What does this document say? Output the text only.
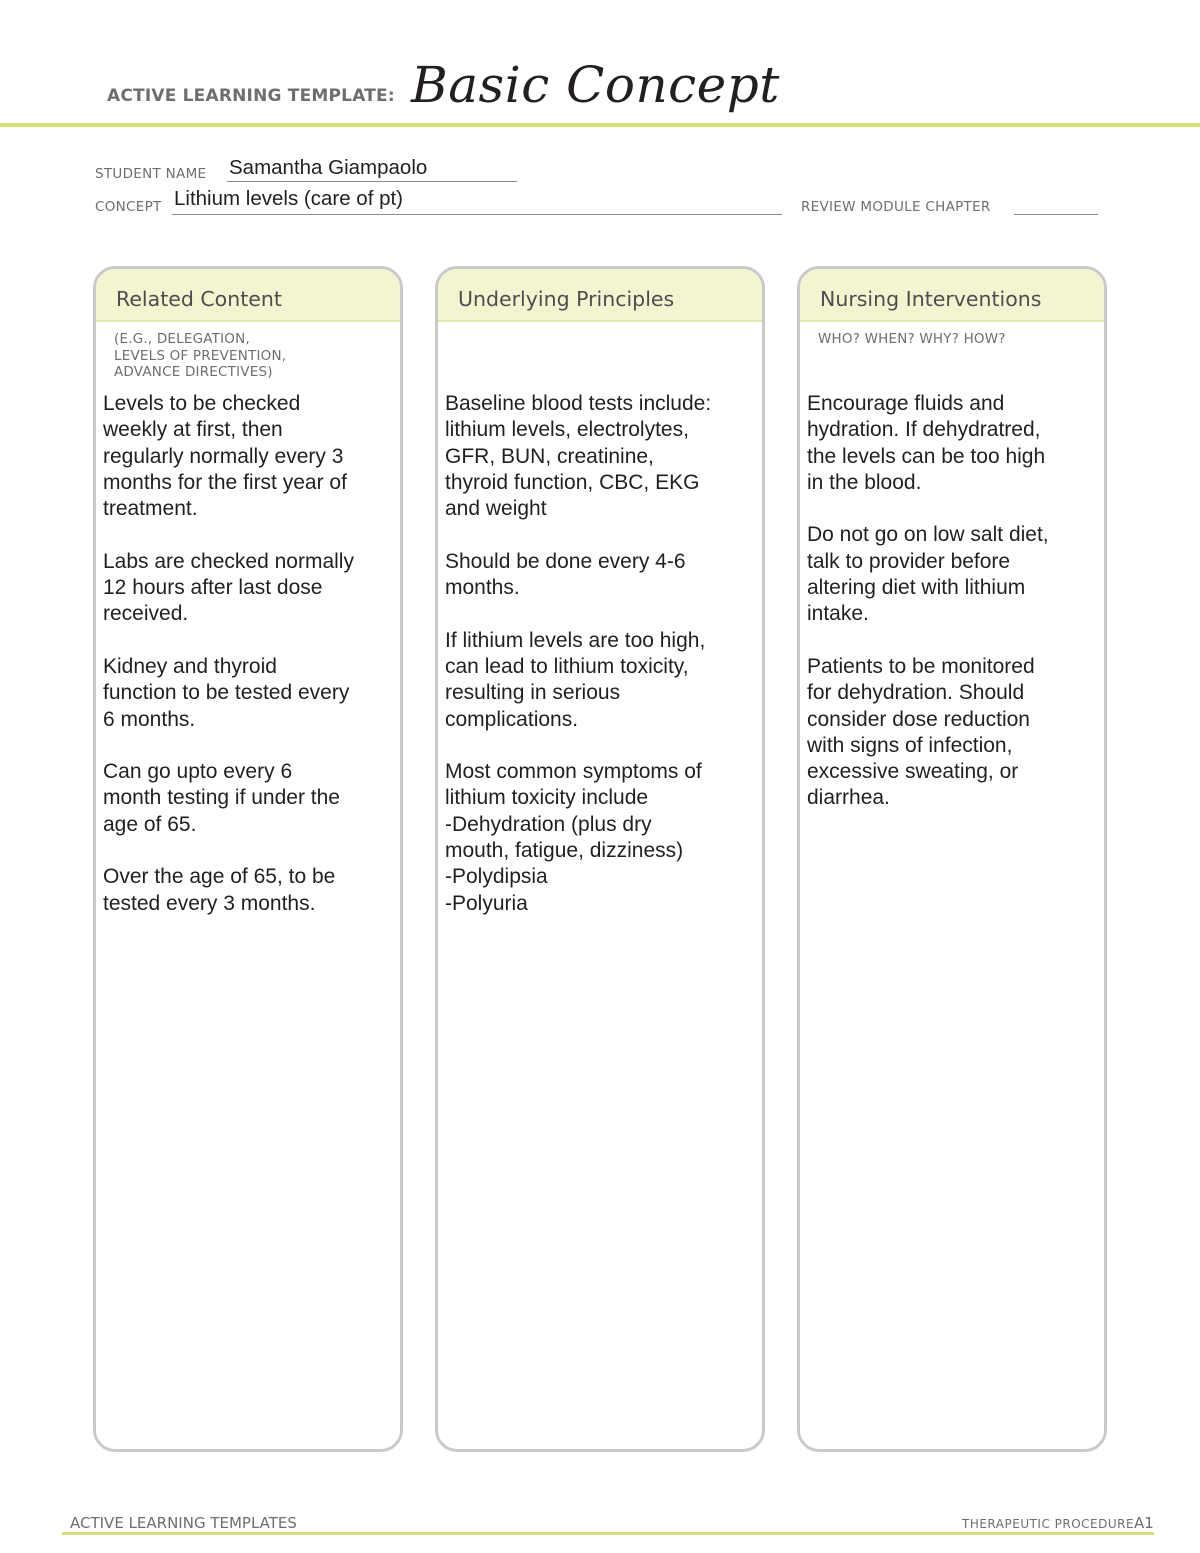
ACTIVE LEARNING TEMPLATE: Basic Concept
STUDENT NAME Samantha Giampaolo
CONCEPT Lithium levels (care of pt)	REVIEW MODULE CHAPTER
Related Content
(E.G., DELEGATION,
LEVELS OF PREVENTION,
ADVANCE DIRECTIVES)

Levels to be checked
weekly at first, then
regularly normally every 3
months for the first year of
treatment.

Labs are checked normally
12 hours after last dose
received.

Kidney and thyroid
function to be tested every
6 months.

Can go upto every 6
month testing if under the
age of 65.

Over the age of 65, to be
tested every 3 months.

Underlying Principles

Baseline blood tests include:
lithium levels, electrolytes,
GFR, BUN, creatinine,
thyroid function, CBC, EKG
and weight

Should be done every 4-6
months.

If lithium levels are too high,
can lead to lithium toxicity,
resulting in serious
complications.

Most common symptoms of
lithium toxicity include
-Dehydration (plus dry
mouth, fatigue, dizziness)
-Polydipsia
-Polyuria

Nursing Interventions
WHO? WHEN? WHY? HOW?

Encourage fluids and
hydration. If dehydratred,
the levels can be too high
in the blood.

Do not go on low salt diet,
talk to provider before
altering diet with lithium
intake.

Patients to be monitored
for dehydration. Should
consider dose reduction
with signs of infection,
excessive sweating, or
diarrhea.

ACTIVE LEARNING TEMPLATES	THERAPEUTIC PROCEDURE A1
